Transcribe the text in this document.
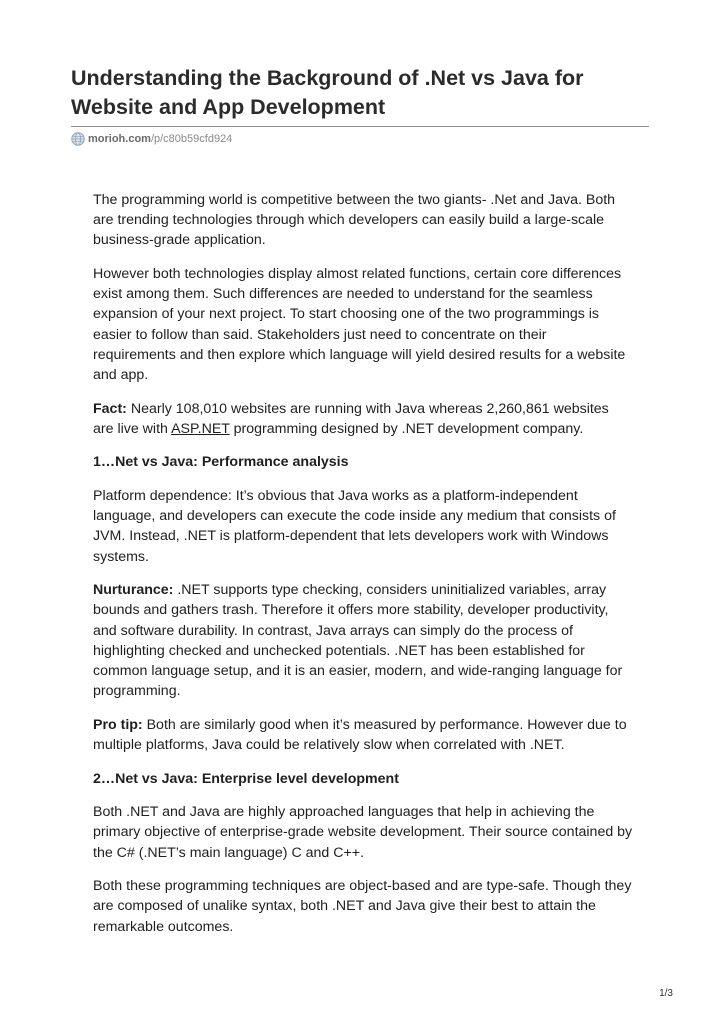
Understanding the Background of .Net vs Java for Website and App Development
morioh.com /p/c80b59cfd924

The programming world is competitive between the two giants- .Net and Java. Both are trending technologies through which developers can easily build a large-scale business-grade application.

However both technologies display almost related functions, certain core differences exist among them. Such differences are needed to understand for the seamless expansion of your next project. To start choosing one of the two programmings is easier to follow than said. Stakeholders just need to concentrate on their requirements and then explore which language will yield desired results for a website and app.

Fact: Nearly 108,010 websites are running with Java whereas 2,260,861 websites are live with ASP.NET programming designed by .NET development company.

1…Net vs Java: Performance analysis

Platform dependence: It’s obvious that Java works as a platform-independent language, and developers can execute the code inside any medium that consists of JVM. Instead, .NET is platform-dependent that lets developers work with Windows systems.

Nurturance: .NET supports type checking, considers uninitialized variables, array bounds and gathers trash. Therefore it offers more stability, developer productivity, and software durability. In contrast, Java arrays can simply do the process of highlighting checked and unchecked potentials. .NET has been established for common language setup, and it is an easier, modern, and wide-ranging language for programming.

Pro tip: Both are similarly good when it’s measured by performance. However due to multiple platforms, Java could be relatively slow when correlated with .NET.

2…Net vs Java: Enterprise level development

Both .NET and Java are highly approached languages that help in achieving the primary objective of enterprise-grade website development. Their source contained by the C# (.NET’s main language) C and C++.

Both these programming techniques are object-based and are type-safe. Though they are composed of unalike syntax, both .NET and Java give their best to attain the remarkable outcomes.

1/3
